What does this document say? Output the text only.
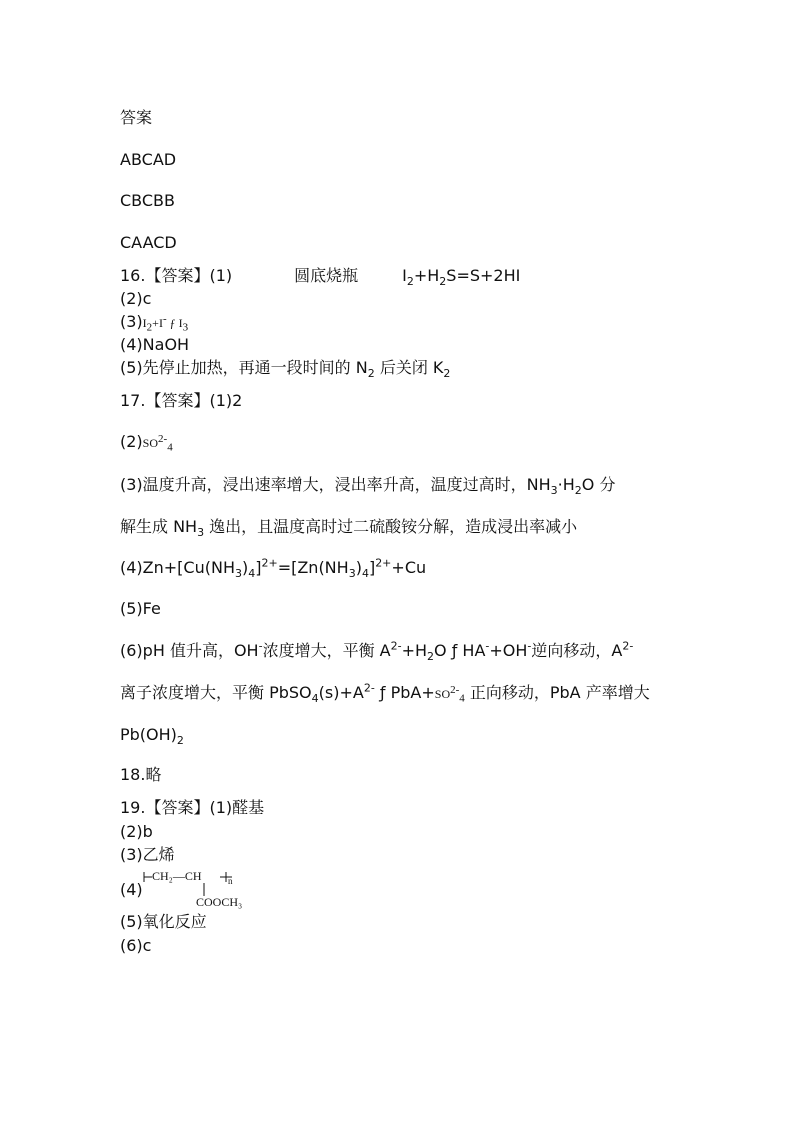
答案
ABCAD
CBCBB
CAACD
16.【答案】(1)	圆底烧瓶	$I_2+H_2S=S+2HI$
(2)c
$(3)I_2+I^-$ ƒ $I_3$
(4)NaOH
(5)先停止加热，再通一段时间的 $N_2$ 后关闭 $K_2$
17.【答案】(1)2
$(2)SO^{2-}_4$
(3)温度升高，浸出速率增大，浸出率升高，温度过高时，$NH_3\cdot H_2O$ 分
解生成 $NH_3$ 逸出，且温度高时过二硫酸铵分解，造成浸出率减小
$(4)Zn+[Cu(NH_3)_4]^{2+}=[Zn(NH_3)_4]^{2+}+Cu$
(5)Fe
(6)pH 值升高，OH-浓度增大，平衡 $A^{2-}+H_2O$ ƒ HA-+OH-逆向移动，$A^{2-}$
离子浓度增大，平衡 $PbSO_4(s)+A^{2-}$ ƒ $PbA+SO^{2-}_4$ 正向移动，PbA 产率增大
$Pb(OH)_2$
18.略
19.【答案】(1)醛基
(2)b
(3)乙烯
(4)
CH₂—CH	n
COOCH₃
(5)氧化反应
(6)c
